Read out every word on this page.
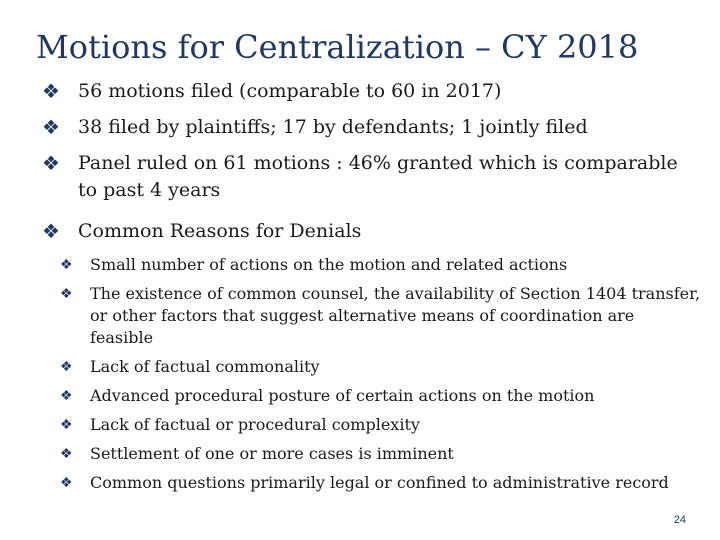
Motions for Centralization – CY 2018
❖ 56 motions filed (comparable to 60 in 2017)
❖ 38 filed by plaintiffs; 17 by defendants; 1 jointly filed
❖ Panel ruled on 61 motions : 46% granted which is comparable to past 4 years
❖ Common Reasons for Denials
❖ Small number of actions on the motion and related actions
❖ The existence of common counsel, the availability of Section 1404 transfer, or other factors that suggest alternative means of coordination are feasible
❖ Lack of factual commonality
❖ Advanced procedural posture of certain actions on the motion
❖ Lack of factual or procedural complexity
❖ Settlement of one or more cases is imminent
❖ Common questions primarily legal or confined to administrative record
24
